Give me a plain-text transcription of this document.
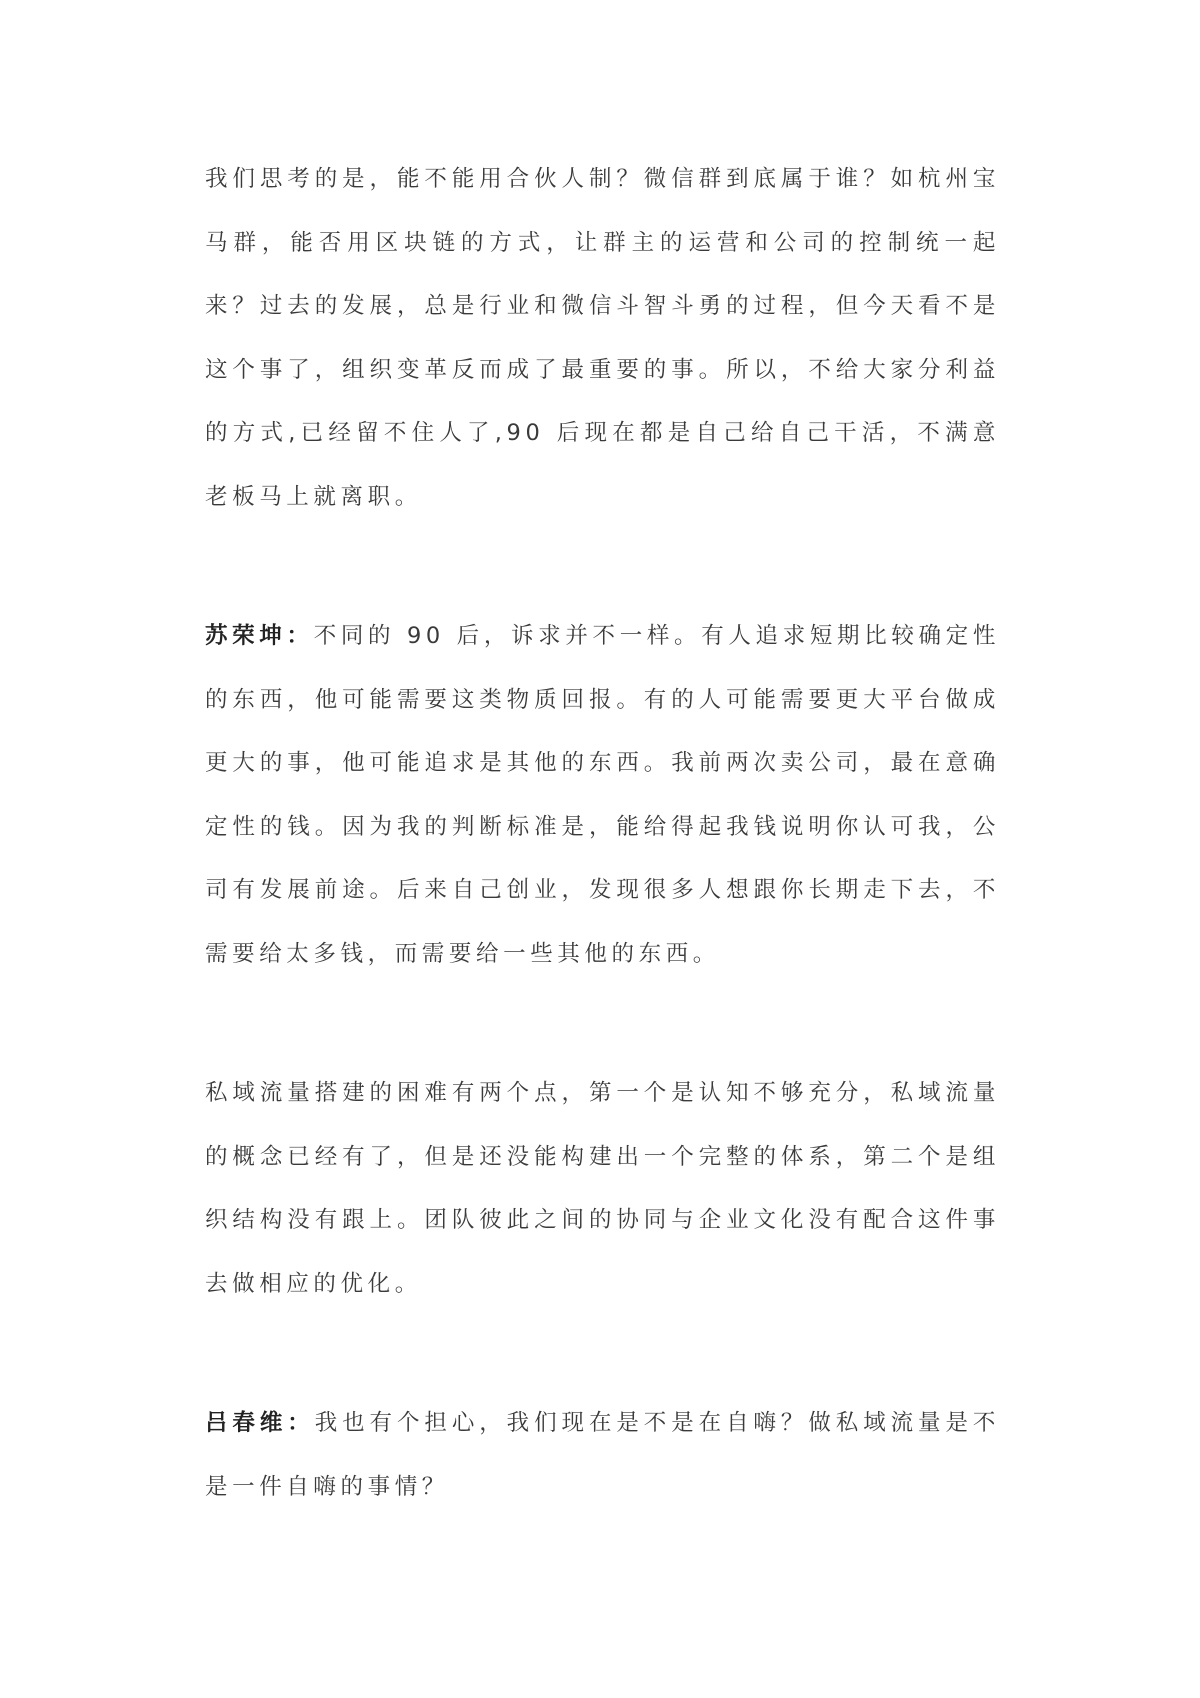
我们思考的是，能不能用合伙人制？微信群到底属于谁？如杭州宝马群，能否用区块链的方式，让群主的运营和公司的控制统一起来？过去的发展，总是行业和微信斗智斗勇的过程，但今天看不是这个事了，组织变革反而成了最重要的事。所以，不给大家分利益的方式,已经留不住人了,90 后现在都是自己给自己干活，不满意老板马上就离职。

苏荣坤：不同的 90 后，诉求并不一样。有人追求短期比较确定性的东西，他可能需要这类物质回报。有的人可能需要更大平台做成更大的事，他可能追求是其他的东西。我前两次卖公司，最在意确定性的钱。因为我的判断标准是，能给得起我钱说明你认可我，公司有发展前途。后来自己创业，发现很多人想跟你长期走下去，不需要给太多钱，而需要给一些其他的东西。

私域流量搭建的困难有两个点，第一个是认知不够充分，私域流量的概念已经有了，但是还没能构建出一个完整的体系，第二个是组织结构没有跟上。团队彼此之间的协同与企业文化没有配合这件事去做相应的优化。

吕春维：我也有个担心，我们现在是不是在自嗨？做私域流量是不是一件自嗨的事情？
